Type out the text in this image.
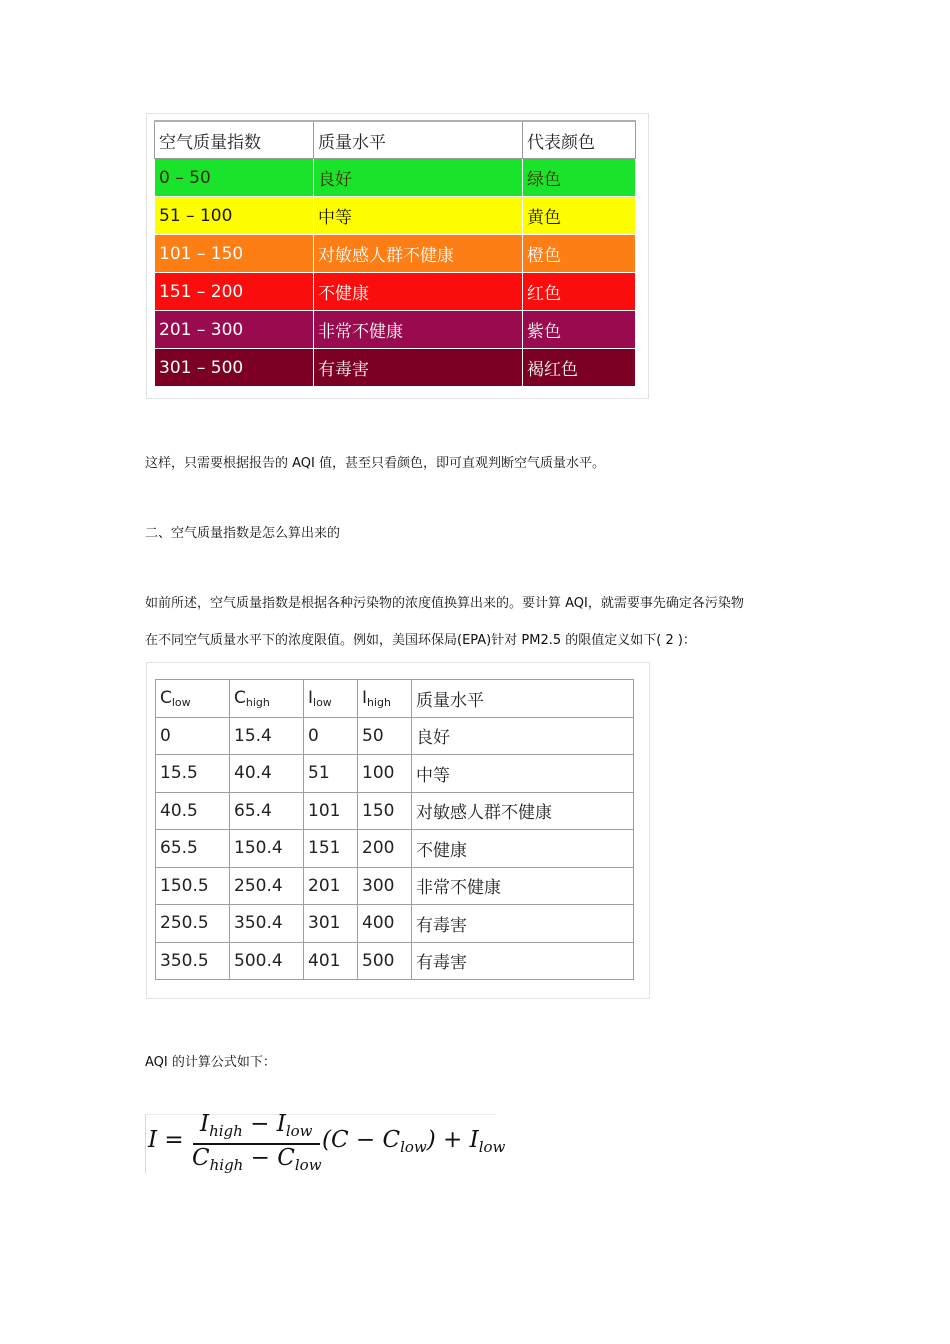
空气质量指数	质量水平	代表颜色
0 – 50	良好	绿色
51 – 100	中等	黄色
101 – 150	对敏感人群不健康	橙色
151 – 200	不健康	红色
201 – 300	非常不健康	紫色
301 – 500	有毒害	褐红色

这样，只需要根据报告的 AQI 值，甚至只看颜色，即可直观判断空气质量水平。

二、空气质量指数是怎么算出来的

如前所述，空气质量指数是根据各种污染物的浓度值换算出来的。要计算 AQI，就需要事先确定各污染物

在不同空气质量水平下的浓度限值。例如，美国环保局(EPA)针对 PM2.5 的限值定义如下( 2 )：

$C_{low}$	$C_{high}$	$I_{low}$	$I_{high}$	质量水平
0	15.4	0	50	良好
15.5	40.4	51	100	中等
40.5	65.4	101	150	对敏感人群不健康
65.5	150.4	151	200	不健康
150.5	250.4	201	300	非常不健康
250.5	350.4	301	400	有毒害
350.5	500.4	401	500	有毒害

AQI 的计算公式如下：

I =
$I_{high} - I_{low}$
$C_{high} - C_{low}$
$(C - C_{low}) + I_{low}$
